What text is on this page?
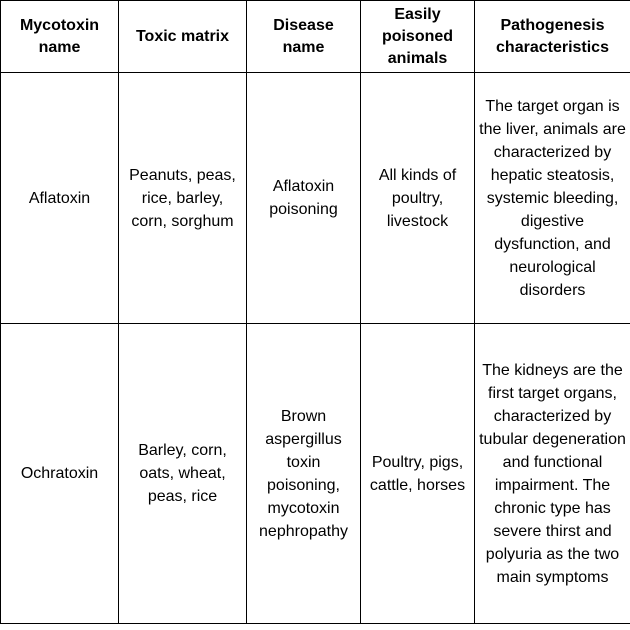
Mycotoxin name	Toxic matrix	Disease name	Easily poisoned animals	Pathogenesis characteristics
Aflatoxin	Peanuts, peas, rice, barley, corn, sorghum	Aflatoxin poisoning	All kinds of poultry, livestock	The target organ is the liver, animals are characterized by hepatic steatosis, systemic bleeding, digestive dysfunction, and neurological disorders
Ochratoxin	Barley, corn, oats, wheat, peas, rice	Brown aspergillus toxin poisoning, mycotoxin nephropathy	Poultry, pigs, cattle, horses	The kidneys are the first target organs, characterized by tubular degeneration and functional impairment. The chronic type has severe thirst and polyuria as the two main symptoms
